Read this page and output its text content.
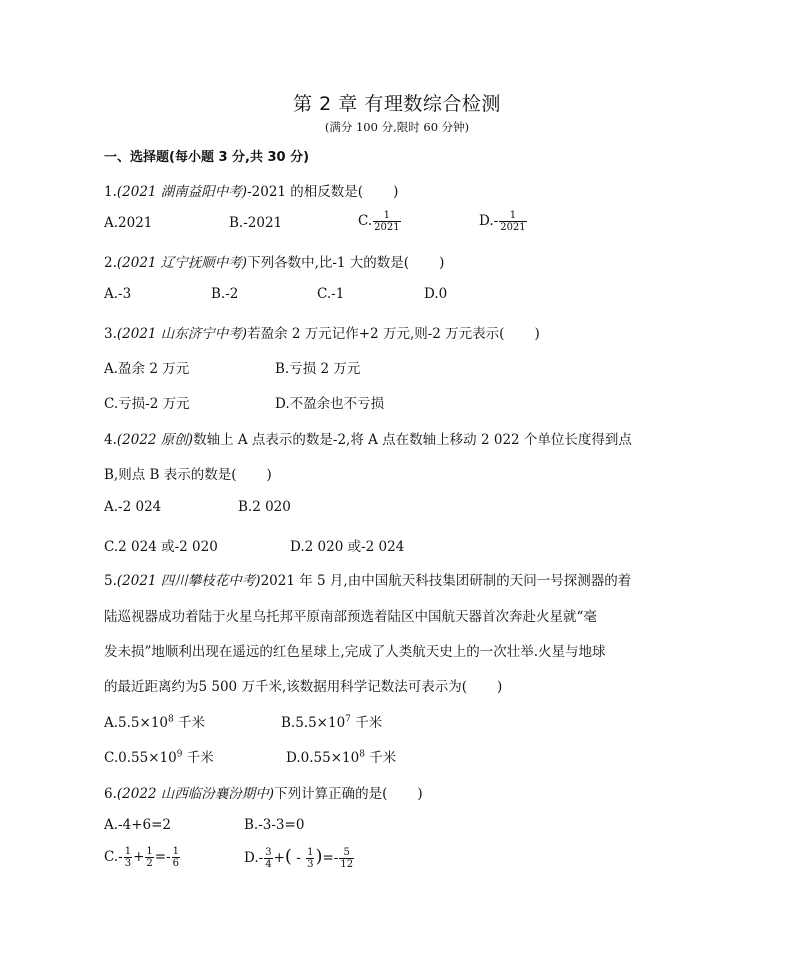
第 2 章 有理数综合检测
(满分 100 分,限时 60 分钟)
一、选择题(每小题 3 分,共 30 分)
1.(2021 湖南益阳中考)-2021 的相反数是( )
A.2021	B.-2021	C. $\frac{1}{2021}$	$D.- \frac{1}{2021}$
2.(2021 辽宁抚顺中考)下列各数中,比-1 大的数是( )
A.-3	B.-2	C.-1	D.0
3.(2021 山东济宁中考)若盈余 2 万元记作+2 万元,则-2 万元表示( )
A.盈余 2 万元	B.亏损 2 万元
C.亏损-2 万元	D.不盈余也不亏损
4.(2022 原创)数轴上 A 点表示的数是-2,将 A 点在数轴上移动 2 022 个单位长度得到点
B,则点 B 表示的数是( )
A.-2 024	B.2 020
C.2 024 或-2 020	D.2 020 或-2 024
5.(2021 四川攀枝花中考)2021 年 5 月,由中国航天科技集团研制的天问一号探测器的着
陆巡视器成功着陆于火星乌托邦平原南部预选着陆区中国航天器首次奔赴火星就“毫
发未损”地顺利出现在遥远的红色星球上,完成了人类航天史上的一次壮举.火星与地球
的最近距离约为5 500 万千米,该数据用科学记数法可表示为( )
$A.5.5\times 10^8$ 千米	$B.5.5\times 10^7$ 千米
$C.0.55\times 10^9$ 千米	$D.0.55\times 10^8$ 千米
6.(2022 山西临汾襄汾期中)下列计算正确的是( )
A.-4+6=2	B.-3-3=0
$C.- \frac{1}{3} + \frac{1}{2} =- \frac{1}{6}$	$D.- \frac{3}{4}$ +( - $\frac{1}{3}$ )=- $\frac{5}{12}$
